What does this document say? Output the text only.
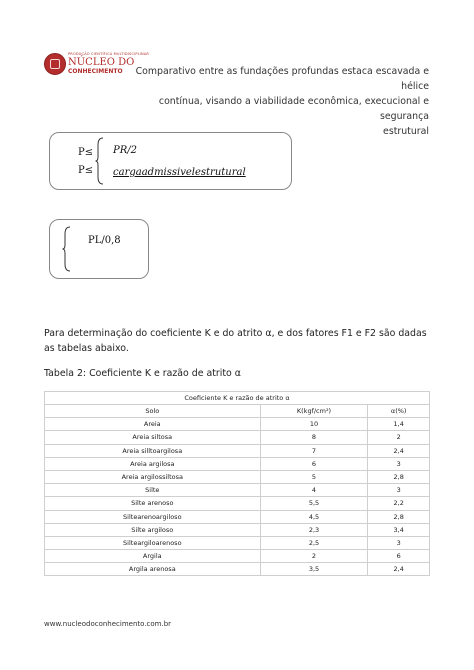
PRODUÇÃO CIENTÍFICA MULTIDISCIPLINAR
NÚCLEO DO
CONHECIMENTO	Comparativo entre as fundações profundas estaca escavada e hélice
contínua, visando a viabilidade econômica, execucional e segurança
estrutural
P≤
P≤
PR/2
cargaadmissivelestrutural
PL/0,8
Para determinação do coeficiente K e do atrito α, e dos fatores F1 e F2 são dadas as tabelas abaixo.
Tabela 2: Coeficiente K e razão de atrito α
Coeficiente K e razão de atrito α		
Solo	K(kgf/cm²)	α(%)
Areia	10	1,4
Areia siltosa	8	2
Areia silltoargilosa	7	2,4
Areia argilosa	6	3
Areia argilossiltosa	5	2,8
Silte	4	3
Silte arenoso	5,5	2,2
Siltearenoargiloso	4,5	2,8
Silte argiloso	2,3	3,4
Silteargiloarenoso	2,5	3
Argila	2	6
Argila arenosa	3,5	2,4
www.nucleodoconhecimento.com.br
